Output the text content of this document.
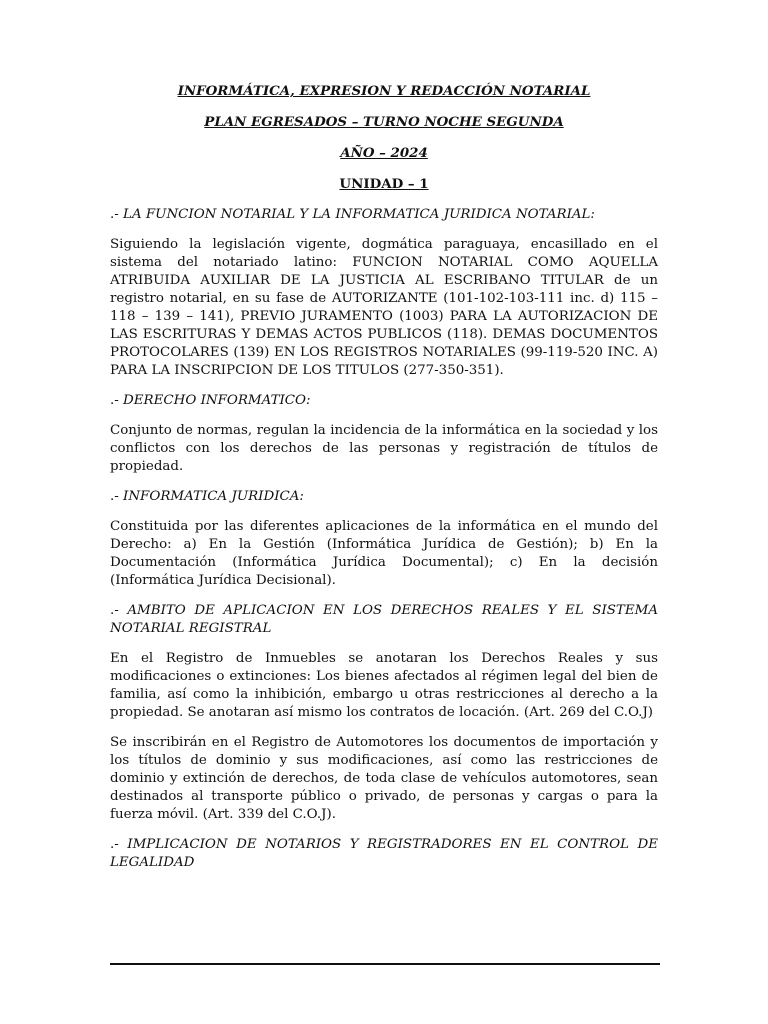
INFORMÁTICA, EXPRESION Y REDACCIÓN NOTARIAL

PLAN EGRESADOS – TURNO NOCHE SEGUNDA

AÑO – 2024

UNIDAD – 1

.- LA FUNCION NOTARIAL Y LA INFORMATICA JURIDICA NOTARIAL:

Siguiendo la legislación vigente, dogmática paraguaya, encasillado en el sistema del notariado latino: FUNCION NOTARIAL COMO AQUELLA ATRIBUIDA AUXILIAR DE LA JUSTICIA AL ESCRIBANO TITULAR de un registro notarial, en su fase de AUTORIZANTE (101-102-103-111 inc. d) 115 – 118 – 139 – 141), PREVIO JURAMENTO (1003) PARA LA AUTORIZACION DE LAS ESCRITURAS Y DEMAS ACTOS PUBLICOS (118). DEMAS DOCUMENTOS PROTOCOLARES (139) EN LOS REGISTROS NOTARIALES (99-119-520 INC. A) PARA LA INSCRIPCION DE LOS TITULOS (277-350-351).

.- DERECHO INFORMATICO:

Conjunto de normas, regulan la incidencia de la informática en la sociedad y los conflictos con los derechos de las personas y registración de títulos de propiedad.

.- INFORMATICA JURIDICA:

Constituida por las diferentes aplicaciones de la informática en el mundo del Derecho: a) En la Gestión (Informática Jurídica de Gestión); b) En la Documentación (Informática Jurídica Documental); c) En la decisión (Informática Jurídica Decisional).

.- AMBITO DE APLICACION EN LOS DERECHOS REALES Y EL SISTEMA NOTARIAL REGISTRAL

En el Registro de Inmuebles se anotaran los Derechos Reales y sus modificaciones o extinciones: Los bienes afectados al régimen legal del bien de familia, así como la inhibición, embargo u otras restricciones al derecho a la propiedad. Se anotaran así mismo los contratos de locación. (Art. 269 del C.O.J)

Se inscribirán en el Registro de Automotores los documentos de importación y los títulos de dominio y sus modificaciones, así como las restricciones de dominio y extinción de derechos, de toda clase de vehículos automotores, sean destinados al transporte público o privado, de personas y cargas o para la fuerza móvil. (Art. 339 del C.O.J).

.- IMPLICACION DE NOTARIOS Y REGISTRADORES EN EL CONTROL DE LEGALIDAD
